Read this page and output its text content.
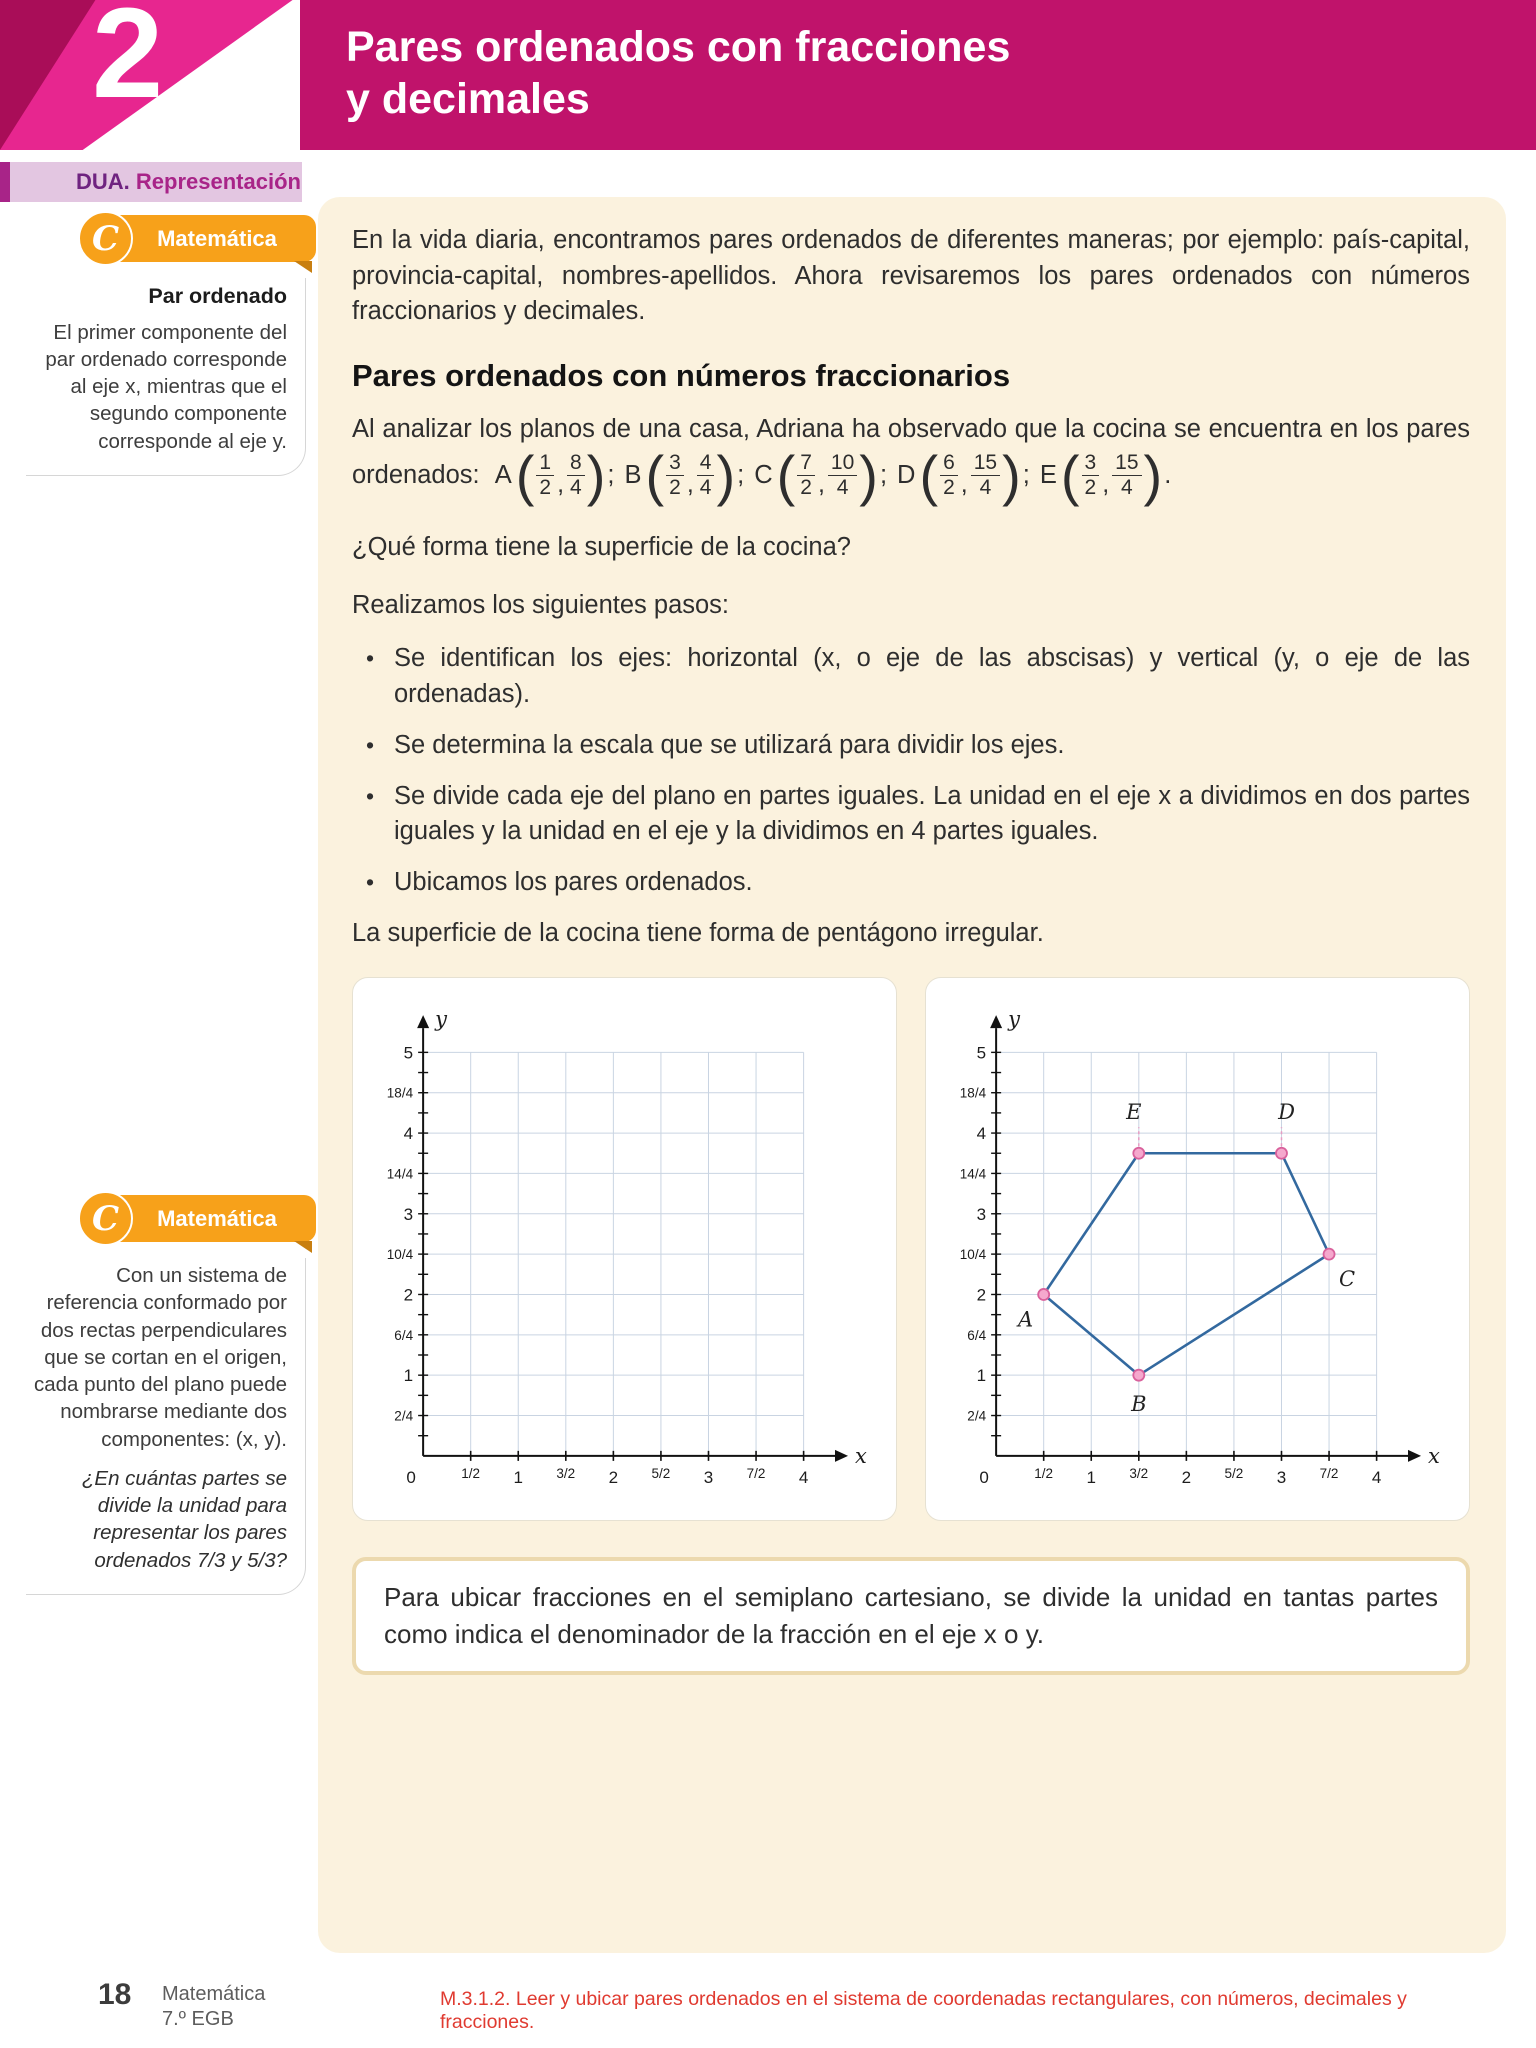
Pares ordenados con fracciones
y decimales
2
DUA. Representación
C	Matemática
Par ordenado
El primer componente del par ordenado corresponde al eje x, mientras que el segundo componente corresponde al eje y.
C	Matemática
Con un sistema de referencia conformado por dos rectas perpendiculares que se cortan en el origen, cada punto del plano puede nombrarse mediante dos componentes: (x, y).
¿En cuántas partes se divide la unidad para representar los pares ordenados 7/3 y 5/3?

En la vida diaria, encontramos pares ordenados de diferentes maneras; por ejemplo: país-capital, provincia-capital, nombres-apellidos. Ahora revisaremos los pares ordenados con números fraccionarios y decimales.

Pares ordenados con números fraccionarios

Al analizar los planos de una casa, Adriana ha observado que la cocina se encuentra en los pares ordenados: A ( $\frac{1}{2}$ , $\frac{8}{4}$ ) ; B ( $\frac{3}{2}$ , $\frac{4}{4}$ ) ; C ( $\frac{7}{2}$ , $\frac{10}{4}$ ) ; D ( $\frac{6}{2}$ , $\frac{15}{4}$ ) ; E ( $\frac{3}{2}$ , $\frac{15}{4}$ ) .

¿Qué forma tiene la superficie de la cocina?

Realizamos los siguientes pasos:

• Se identifican los ejes: horizontal (x, o eje de las abscisas) y vertical (y, o eje de las ordenadas).
• Se determina la escala que se utilizará para dividir los ejes.
• Se divide cada eje del plano en partes iguales. La unidad en el eje x a dividimos en dos partes iguales y la unidad en el eje y la dividimos en 4 partes iguales.
• Ubicamos los pares ordenados.

La superficie de la cocina tiene forma de pentágono irregular.

x
y
0	1/2 1 3/2 2 5/2 3 7/2 4
2/4
1
6/4
2
10/4
3
14/4
4
18/4
5
x
y
0	1/2 1 3/2 2 5/2 3 7/2 4
2/4
1
6/4
2
10/4
3
14/4
4
18/4
5
A
B
C
D
E
Para ubicar fracciones en el semiplano cartesiano, se divide la unidad en tantas partes como indica el denominador de la fracción en el eje x o y.
18 Matemática
7.º EGB
M.3.1.2. Leer y ubicar pares ordenados en el sistema de coordenadas rectangulares, con números, decimales y fracciones.
